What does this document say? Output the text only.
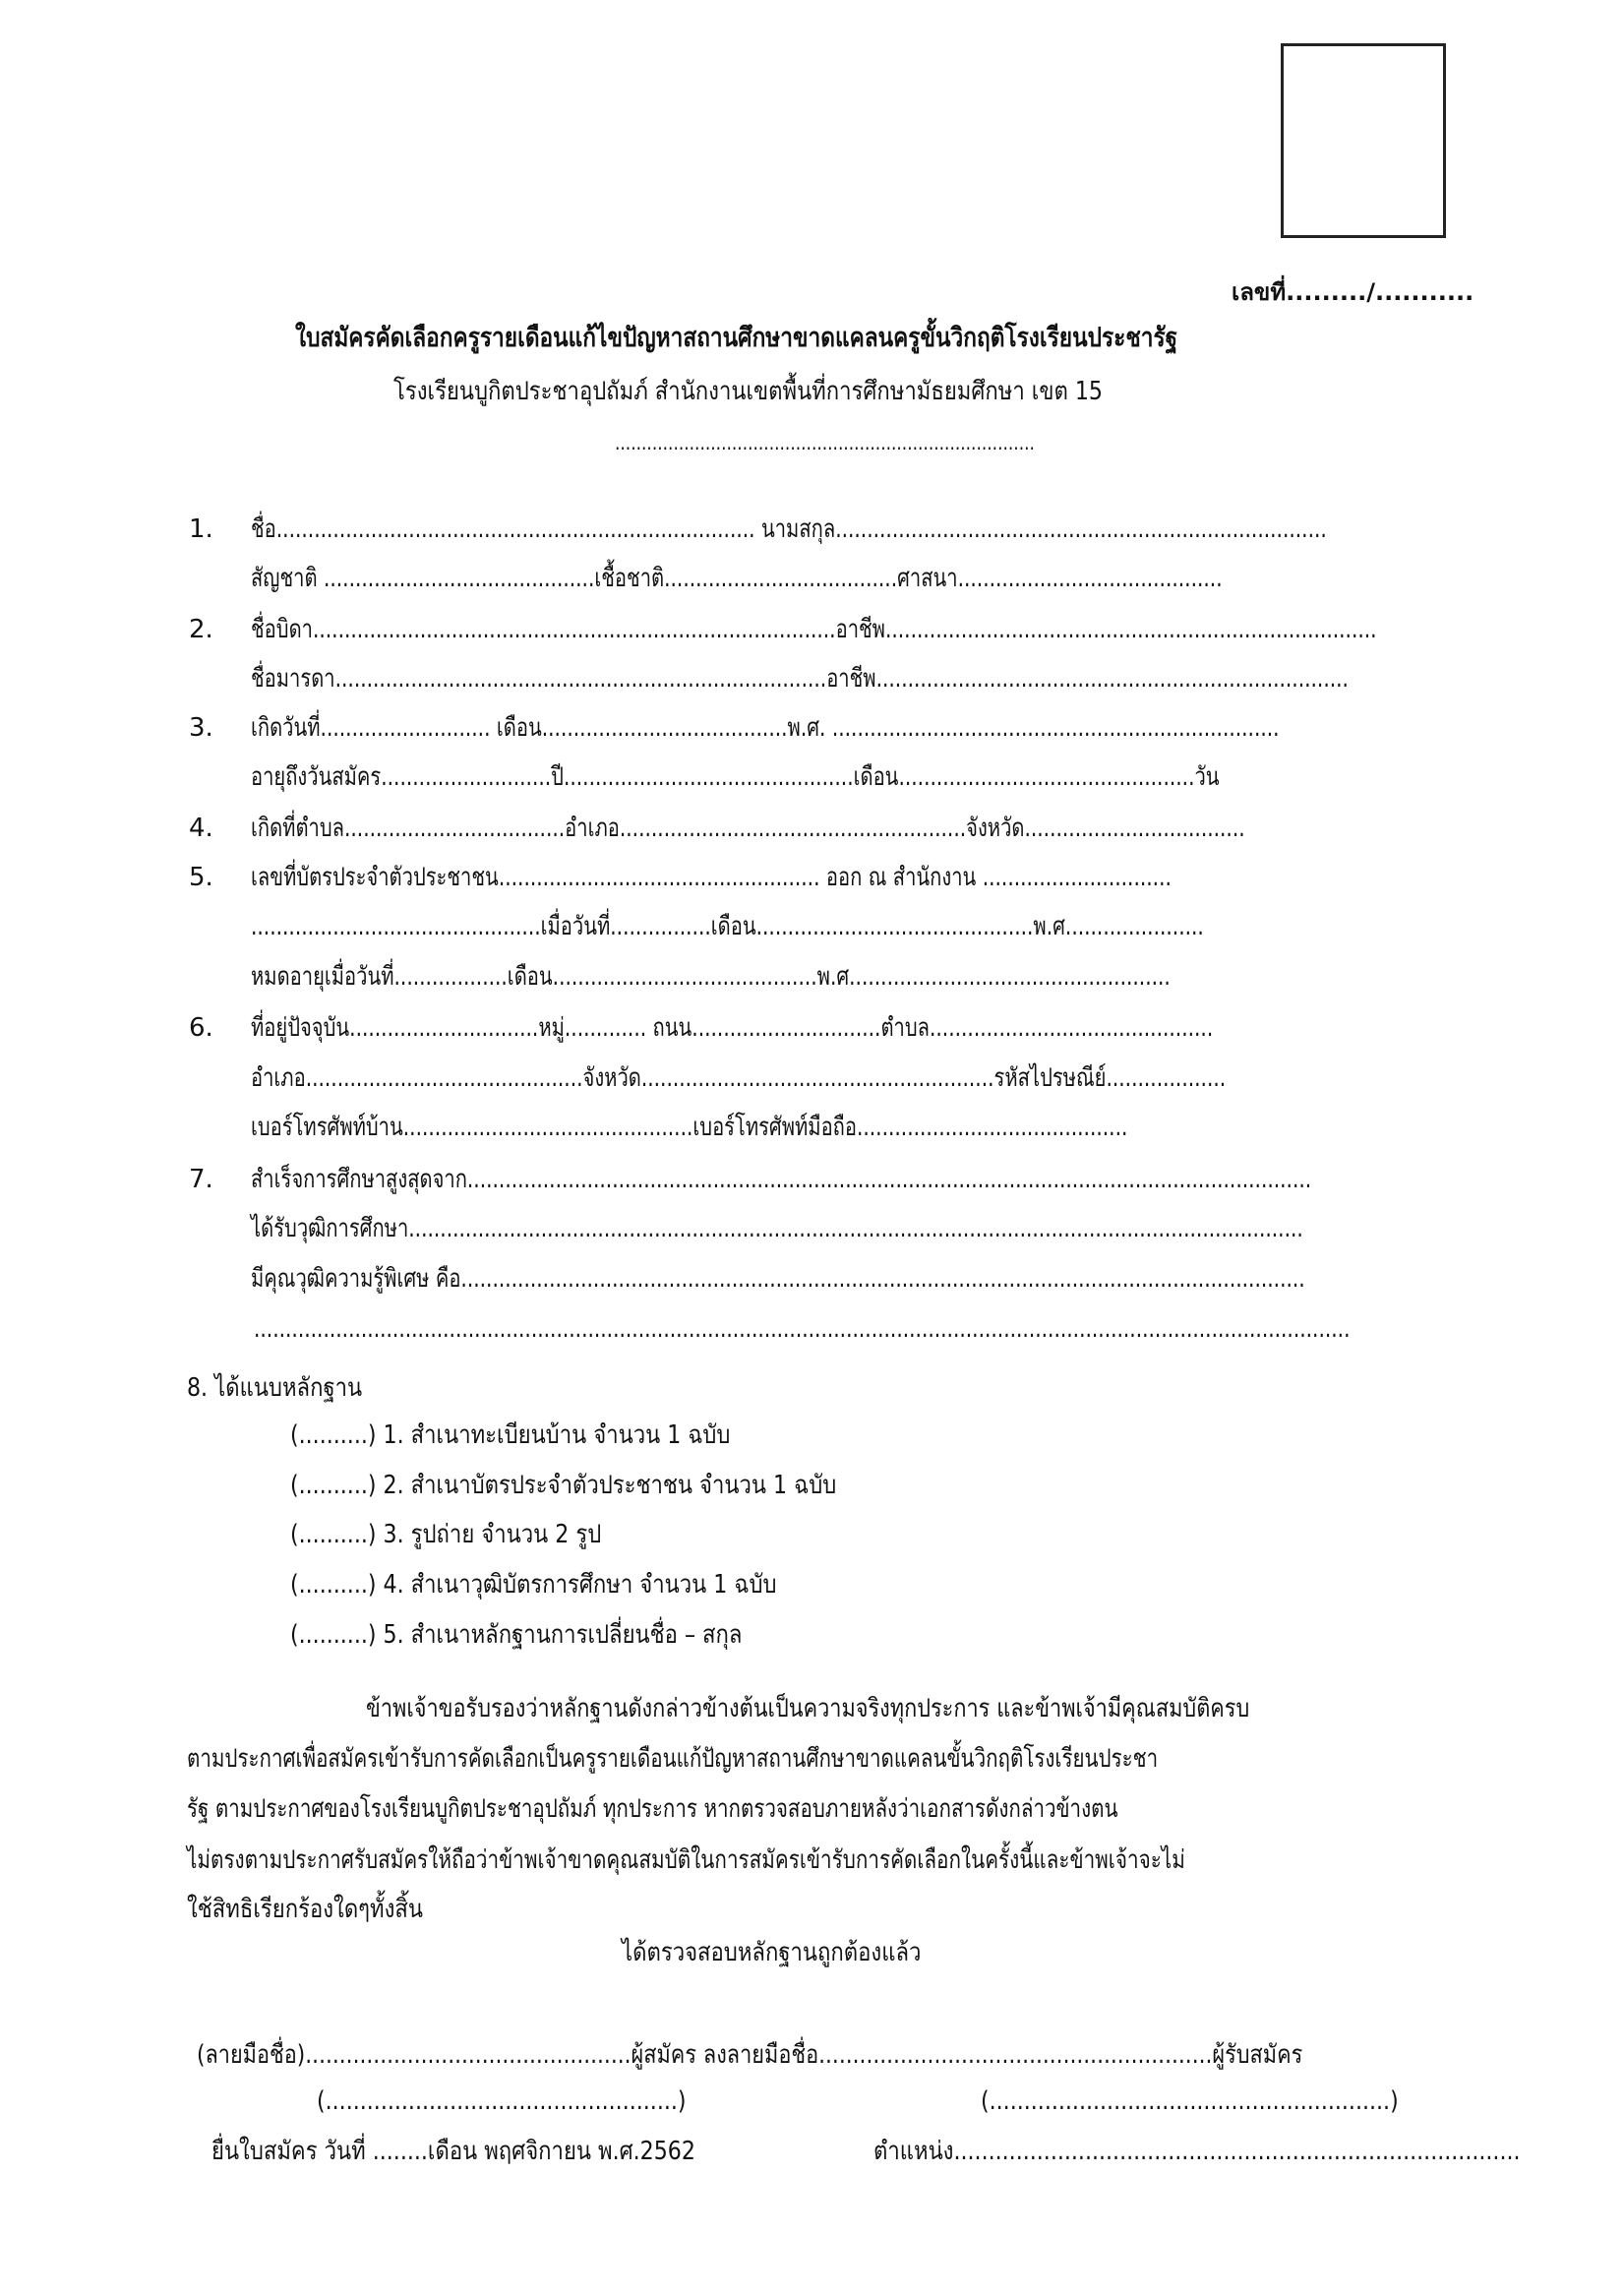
เลขที่........./...........
ใบสมัครคัดเลือกครูรายเดือนแก้ไขปัญหาสถานศึกษาขาดแคลนครูขั้นวิกฤติโรงเรียนประชารัฐ
โรงเรียนบูกิตประชาอุปถัมภ์ สำนักงานเขตพื้นที่การศึกษามัธยมศึกษา เขต 15
...............................................................................
1. ชื่อ............................................................................ นามสกุล..............................................................................
สัญชาติ ...........................................เชื้อชาติ.....................................ศาสนา..........................................
2. ชื่อบิดา...................................................................................อาชีพ..............................................................................
ชื่อมารดา..............................................................................อาชีพ...........................................................................
3. เกิดวันที่........................... เดือน.......................................พ.ศ. .......................................................................
อายุถึงวันสมัคร...........................ปี..............................................เดือน...............................................วัน
4. เกิดที่ตำบล...................................อำเภอ.......................................................จังหวัด...................................
5. เลขที่บัตรประจำตัวประชาชน................................................... ออก ณ สำนักงาน ..............................
..............................................เมื่อวันที่................เดือน............................................พ.ศ......................
หมดอายุเมื่อวันที่..................เดือน..........................................พ.ศ...................................................
6. ที่อยู่ปัจจุบัน..............................หมู่............. ถนน..............................ตำบล.............................................
อำเภอ............................................จังหวัด........................................................รหัสไปรษณีย์...................
เบอร์โทรศัพท์บ้าน..............................................เบอร์โทรศัพท์มือถือ...........................................
7. สำเร็จการศึกษาสูงสุดจาก......................................................................................................................................
ได้รับวุฒิการศึกษา..............................................................................................................................................
มีคุณวุฒิความรู้พิเศษ คือ......................................................................................................................................
..............................................................................................................................................................................
8. ได้แนบหลักฐาน
(..........) 1. สำเนาทะเบียนบ้าน จำนวน 1 ฉบับ
(..........) 2. สำเนาบัตรประจำตัวประชาชน จำนวน 1 ฉบับ
(..........) 3. รูปถ่าย จำนวน 2 รูป
(..........) 4. สำเนาวุฒิบัตรการศึกษา จำนวน 1 ฉบับ
(..........) 5. สำเนาหลักฐานการเปลี่ยนชื่อ – สกุล
ข้าพเจ้าขอรับรองว่าหลักฐานดังกล่าวข้างต้นเป็นความจริงทุกประการ และข้าพเจ้ามีคุณสมบัติครบ
ตามประกาศเพื่อสมัครเข้ารับการคัดเลือกเป็นครูรายเดือนแก้ปัญหาสถานศึกษาขาดแคลนขั้นวิกฤติโรงเรียนประชา
รัฐ ตามประกาศของโรงเรียนบูกิตประชาอุปถัมภ์ ทุกประการ หากตรวจสอบภายหลังว่าเอกสารดังกล่าวข้างตน
ไม่ตรงตามประกาศรับสมัครให้ถือว่าข้าพเจ้าขาดคุณสมบัติในการสมัครเข้ารับการคัดเลือกในครั้งนี้และข้าพเจ้าจะไม่
ใช้สิทธิเรียกร้องใดๆทั้งสิ้น
ได้ตรวจสอบหลักฐานถูกต้องแล้ว
(ลายมือชื่อ)................................................ผู้สมัคร ลงลายมือชื่อ..........................................................ผู้รับสมัคร
(...................................................)	(..........................................................)
ยื่นใบสมัคร วันที่ ........เดือน พฤศจิกายน พ.ศ.2562	ตำแหน่ง..................................................................................
